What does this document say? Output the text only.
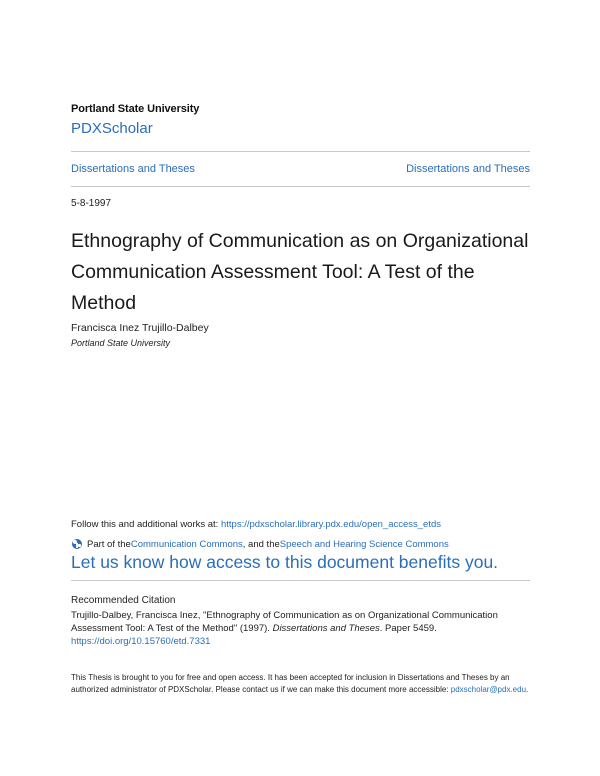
Portland State University
PDXScholar
Dissertations and Theses	Dissertations and Theses
5-8-1997
Ethnography of Communication as on Organizational Communication Assessment Tool: A Test of the Method
Francisca Inez Trujillo-Dalbey
Portland State University
Follow this and additional works at: https://pdxscholar.library.pdx.edu/open_access_etds
Part of the Communication Commons , and the Speech and Hearing Science Commons
Let us know how access to this document benefits you.
Recommended Citation
Trujillo-Dalbey, Francisca Inez, "Ethnography of Communication as on Organizational Communication Assessment Tool: A Test of the Method" (1997). Dissertations and Theses. Paper 5459.
https://doi.org/10.15760/etd.7331
This Thesis is brought to you for free and open access. It has been accepted for inclusion in Dissertations and Theses by an authorized administrator of PDXScholar. Please contact us if we can make this document more accessible: pdxscholar@pdx.edu.
